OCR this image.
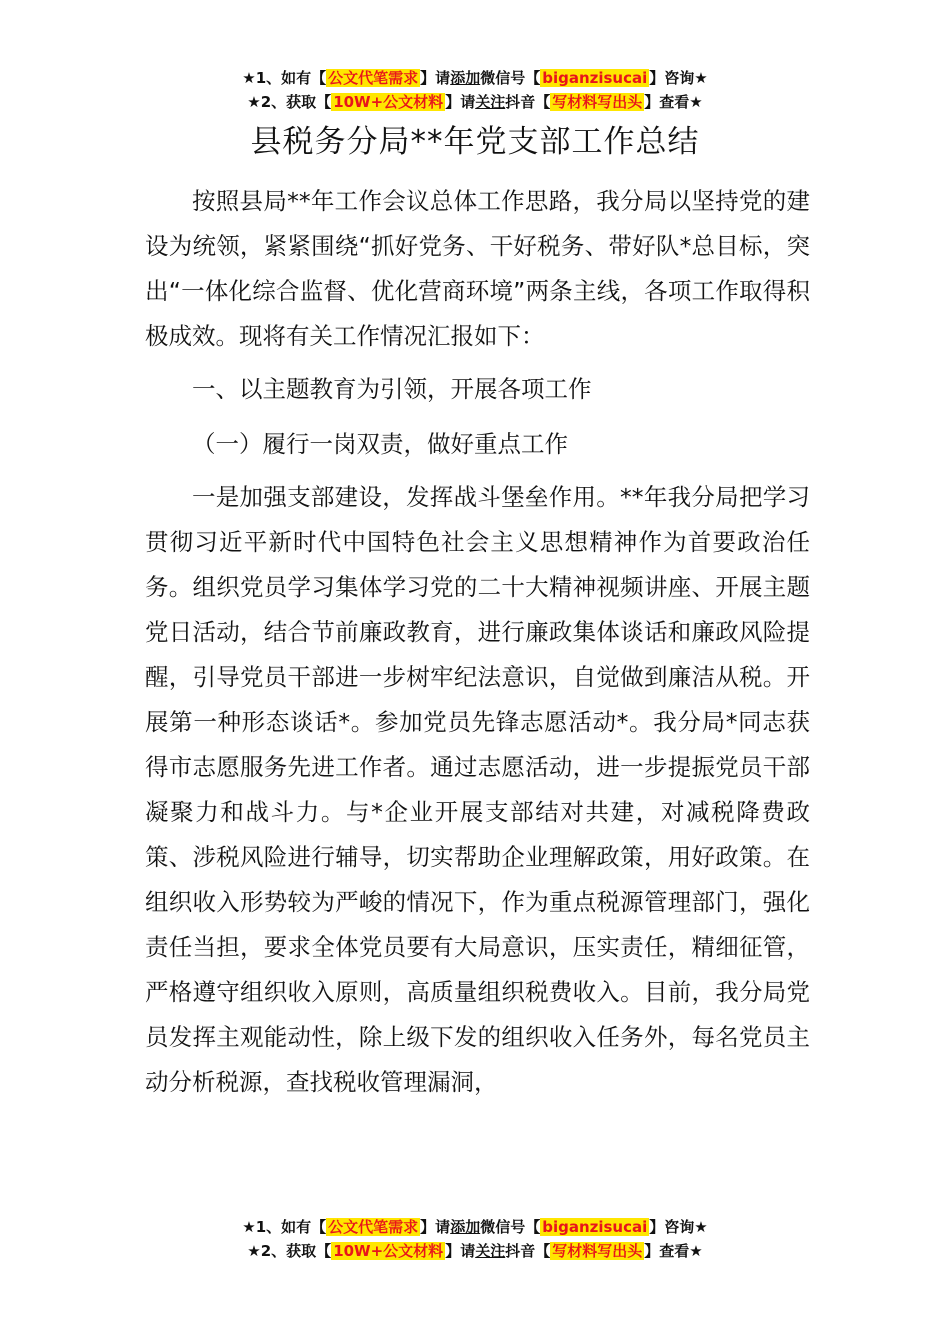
★1、如有【 公文代笔需求 】请添加微信号【 biganzisucai 】咨询★
★2、获取【 10W+公文材料 】请关注抖音【 写材料写出头 】查看★
县税务分局**年党支部工作总结

按照县局**年工作会议总体工作思路，我分局以坚持党的建设为统领，紧紧围绕“抓好党务、干好税务、带好队*总目标，突出“一体化综合监督、优化营商环境”两条主线，各项工作取得积极成效。现将有关工作情况汇报如下：

一、以主题教育为引领，开展各项工作

（一）履行一岗双责，做好重点工作

一是加强支部建设，发挥战斗堡垒作用。**年我分局把学习贯彻习近平新时代中国特色社会主义思想精神作为首要政治任务。组织党员学习集体学习党的二十大精神视频讲座、开展主题党日活动，结合节前廉政教育，进行廉政集体谈话和廉政风险提醒，引导党员干部进一步树牢纪法意识，自觉做到廉洁从税。开展第一种形态谈话*。参加党员先锋志愿活动*。我分局*同志获得市志愿服务先进工作者。通过志愿活动，进一步提振党员干部凝聚力和战斗力。与*企业开展支部结对共建，对减税降费政策、涉税风险进行辅导，切实帮助企业理解政策，用好政策。在组织收入形势较为严峻的情况下，作为重点税源管理部门，强化责任当担，要求全体党员要有大局意识，压实责任，精细征管，严格遵守组织收入原则，高质量组织税费收入。目前，我分局党员发挥主观能动性，除上级下发的组织收入任务外，每名党员主动分析税源，查找税收管理漏洞，

★1、如有【 公文代笔需求 】请添加微信号【 biganzisucai 】咨询★
★2、获取【 10W+公文材料 】请关注抖音【 写材料写出头 】查看★
